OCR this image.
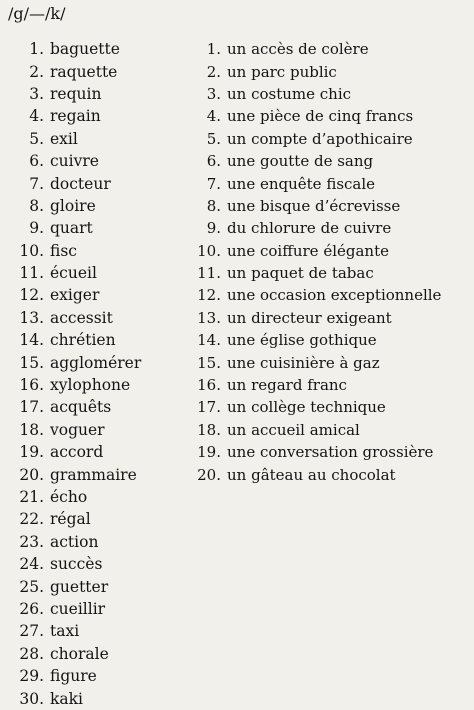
/g/—/k/
1. baguette
2. raquette
3. requin
4. regain
5. exil
6. cuivre
7. docteur
8. gloire
9. quart
10. fisc
11. écueil
12. exiger
13. accessit
14. chrétien
15. agglomérer
16. xylophone
17. acquêts
18. voguer
19. accord
20. grammaire
21. écho
22. régal
23. action
24. succès
25. guetter
26. cueillir
27. taxi
28. chorale
29. figure
30. kaki
1. un accès de colère
2. un parc public
3. un costume chic
4. une pièce de cinq francs
5. un compte d’apothicaire
6. une goutte de sang
7. une enquête fiscale
8. une bisque d’écrevisse
9. du chlorure de cuivre
10. une coiffure élégante
11. un paquet de tabac
12. une occasion exceptionnelle
13. un directeur exigeant
14. une église gothique
15. une cuisinière à gaz
16. un regard franc
17. un collège technique
18. un accueil amical
19. une conversation grossière
20. un gâteau au chocolat
